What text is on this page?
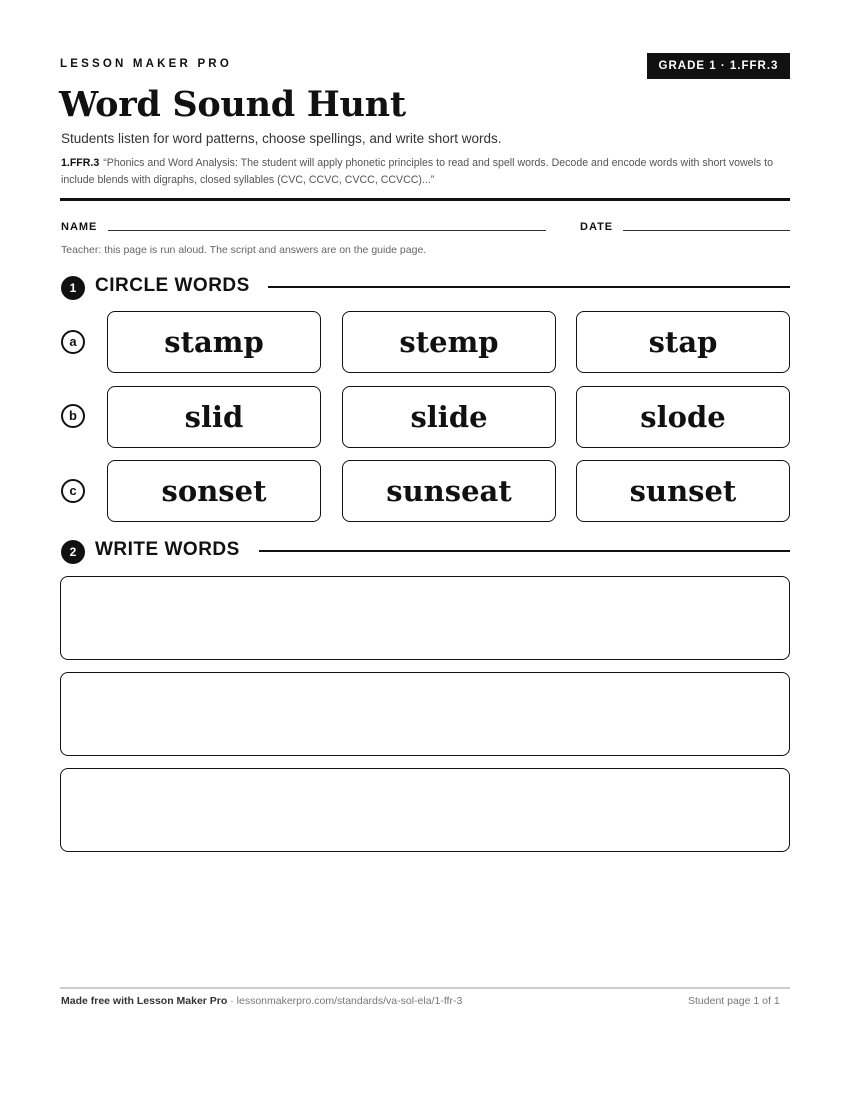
LESSON MAKER PRO	GRADE 1 · 1.FFR.3
Word Sound Hunt
Students listen for word patterns, choose spellings, and write short words.
1.FFR.3 “Phonics and Word Analysis: The student will apply phonetic principles to read and spell words. Decode and encode words with short vowels to include blends with digraphs, closed syllables (CVC, CCVC, CVCC, CCVCC)...”
NAME	DATE
Teacher: this page is run aloud. The script and answers are on the guide page.
1 CIRCLE WORDS
a	stamp	stemp	stap
b	slid	slide	slode
c	sonset	sunseat	sunset
2 WRITE WORDS
Made free with Lesson Maker Pro · lessonmakerpro.com/standards/va-sol-ela/1-ffr-3	Student page 1 of 1
